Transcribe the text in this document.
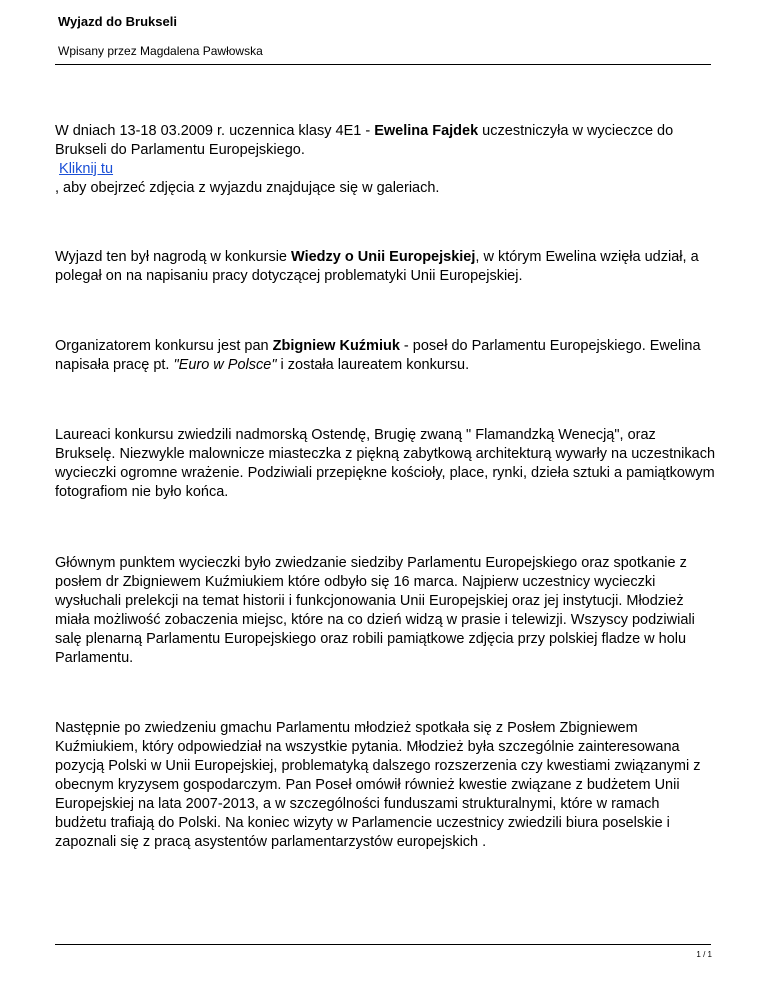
Wyjazd do Brukseli
Wpisany przez Magdalena Pawłowska

W dniach 13-18 03.2009 r. uczennica klasy 4E1 - Ewelina Fajdek uczestniczyła w wycieczce do Brukseli do Parlamentu Europejskiego.
Kliknij tu
, aby obejrzeć zdjęcia z wyjazdu znajdujące się w galeriach.

Wyjazd ten był nagrodą w konkursie Wiedzy o Unii Europejskiej, w którym Ewelina wzięła udział, a polegał on na napisaniu pracy dotyczącej problematyki Unii Europejskiej.

Organizatorem konkursu jest pan Zbigniew Kuźmiuk - poseł do Parlamentu Europejskiego. Ewelina napisała pracę pt. "Euro w Polsce" i została laureatem konkursu.

Laureaci konkursu zwiedzili nadmorską Ostendę, Brugię zwaną " Flamandzką Wenecją", oraz Brukselę. Niezwykle malownicze miasteczka z piękną zabytkową architekturą wywarły na uczestnikach wycieczki ogromne wrażenie. Podziwiali przepiękne kościoły, place, rynki, dzieła sztuki a pamiątkowym fotografiom nie było końca.

Głównym punktem wycieczki było zwiedzanie siedziby Parlamentu Europejskiego oraz spotkanie z posłem dr Zbigniewem Kuźmiukiem które odbyło się 16 marca. Najpierw uczestnicy wycieczki wysłuchali prelekcji na temat historii i funkcjonowania Unii Europejskiej oraz jej instytucji. Młodzież miała możliwość zobaczenia miejsc, które na co dzień widzą w prasie i telewizji. Wszyscy podziwiali salę plenarną Parlamentu Europejskiego oraz robili pamiątkowe zdjęcia przy polskiej fladze w holu Parlamentu.

Następnie po zwiedzeniu gmachu Parlamentu młodzież spotkała się z Posłem Zbigniewem Kuźmiukiem, który odpowiedział na wszystkie pytania. Młodzież była szczególnie zainteresowana pozycją Polski w Unii Europejskiej, problematyką dalszego rozszerzenia czy kwestiami związanymi z obecnym kryzysem gospodarczym. Pan Poseł omówił również kwestie związane z budżetem Unii Europejskiej na lata 2007-2013, a w szczególności funduszami strukturalnymi, które w ramach budżetu trafiają do Polski. Na koniec wizyty w Parlamencie uczestnicy zwiedzili biura poselskie i zapoznali się z pracą asystentów parlamentarzystów europejskich .

1 / 1
